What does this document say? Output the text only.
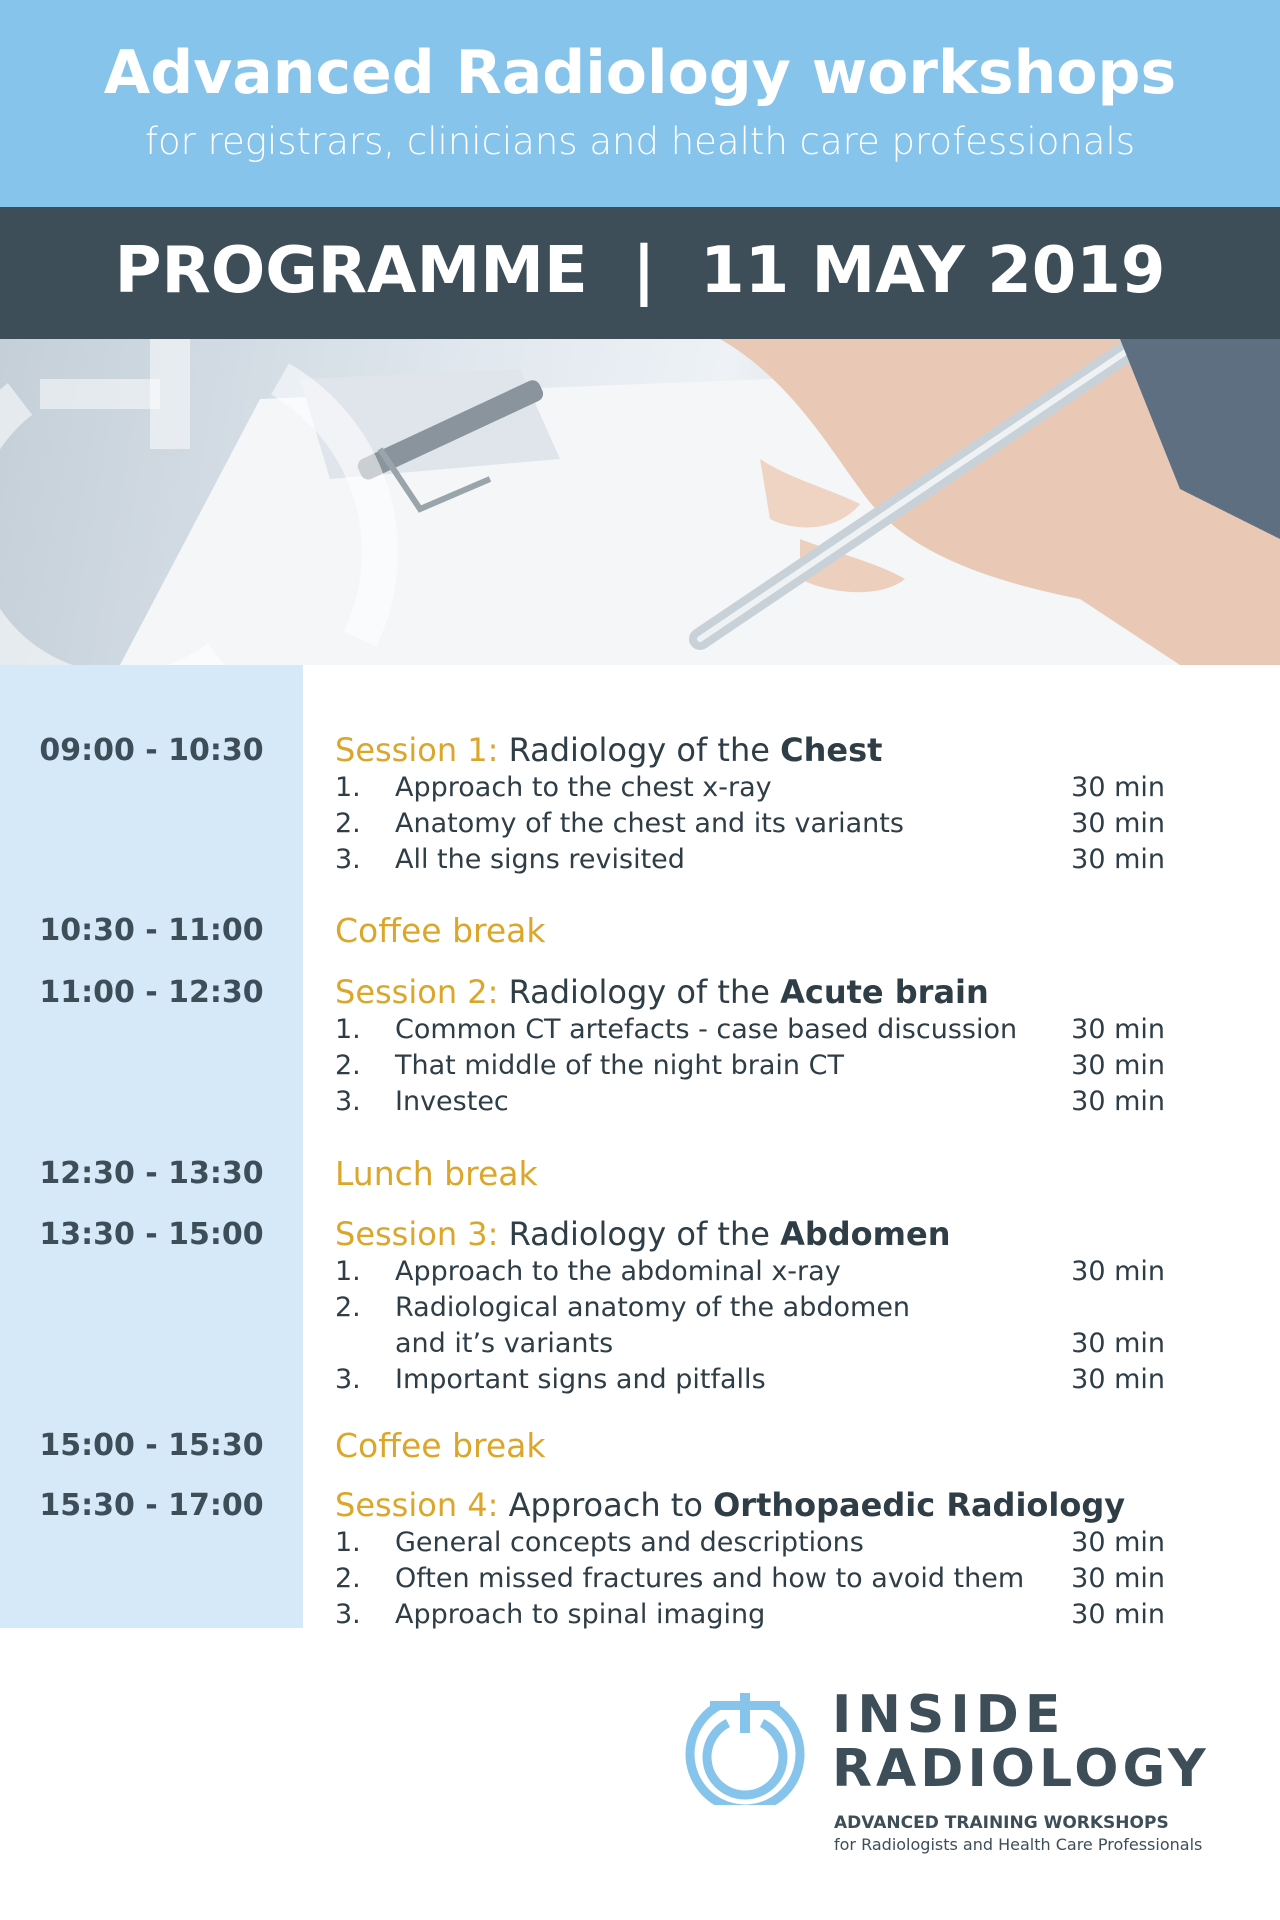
Advanced Radiology workshops
for registrars, clinicians and health care professionals
PROGRAMME  |  11 MAY 2019
09:00 - 10:30	Session 1: Radiology of the Chest
1. Approach to the chest x-ray	30 min
2. Anatomy of the chest and its variants	30 min
3. All the signs revisited	30 min
10:30 - 11:00	Coffee break
11:00 - 12:30	Session 2: Radiology of the Acute brain
1. Common CT artefacts - case based discussion 30 min
2. That middle of the night brain CT	30 min
3. Investec	30 min
12:30 - 13:30	Lunch break
13:30 - 15:00	Session 3: Radiology of the Abdomen
1. Approach to the abdominal x-ray	30 min
2. Radiological anatomy of the abdomen
and it’s variants	30 min
3. Important signs and pitfalls	30 min
15:00 - 15:30	Coffee break
15:30 - 17:00	Session 4: Approach to Orthopaedic Radiology
1. General concepts and descriptions	30 min
2. Often missed fractures and how to avoid them 30 min
3. Approach to spinal imaging	30 min
INSIDE
RADIOLOGY
ADVANCED TRAINING WORKSHOPS
for Radiologists and Health Care Professionals
